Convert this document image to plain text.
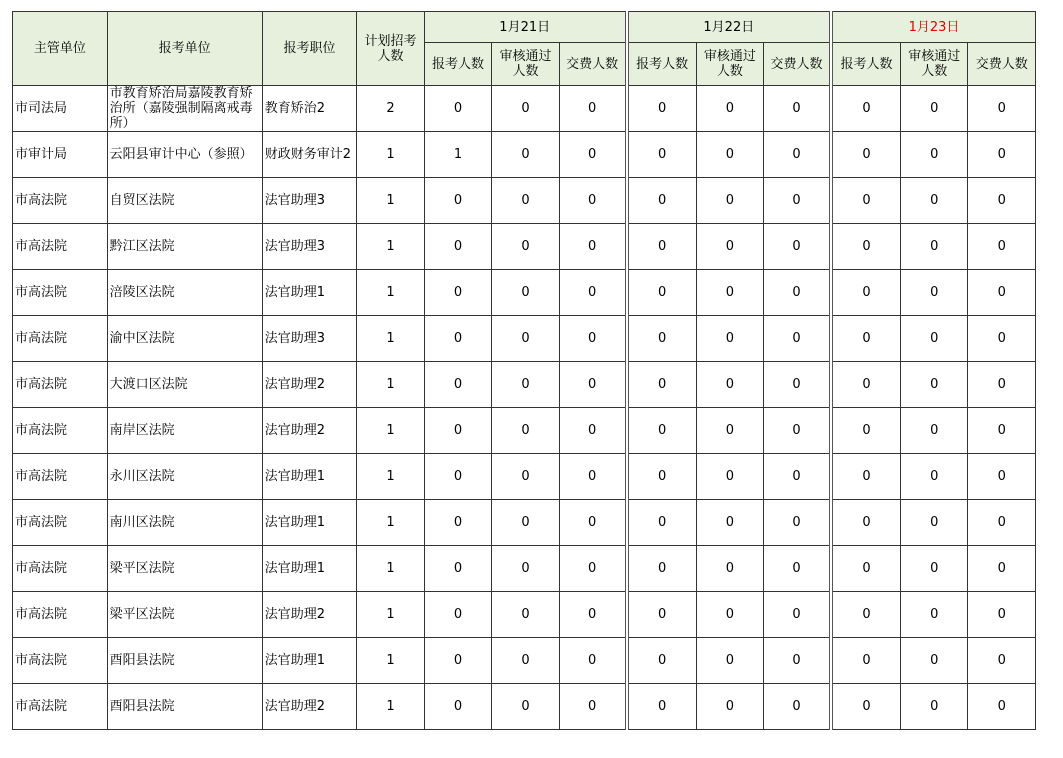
主管单位	报考单位	报考职位	计划招考人数	1月21日			1月22日			1月23日		
				报考人数	审核通过人数	交费人数	报考人数	审核通过人数	交费人数	报考人数	审核通过人数	交费人数
市司法局	市教育矫治局嘉陵教育矫治所（嘉陵强制隔离戒毒所）	教育矫治2	2	0	0	0	0	0	0	0	0	0
市审计局	云阳县审计中心（参照）	财政财务审计2	1	1	0	0	0	0	0	0	0	0
市高法院	自贸区法院	法官助理3	1	0	0	0	0	0	0	0	0	0
市高法院	黔江区法院	法官助理3	1	0	0	0	0	0	0	0	0	0
市高法院	涪陵区法院	法官助理1	1	0	0	0	0	0	0	0	0	0
市高法院	渝中区法院	法官助理3	1	0	0	0	0	0	0	0	0	0
市高法院	大渡口区法院	法官助理2	1	0	0	0	0	0	0	0	0	0
市高法院	南岸区法院	法官助理2	1	0	0	0	0	0	0	0	0	0
市高法院	永川区法院	法官助理1	1	0	0	0	0	0	0	0	0	0
市高法院	南川区法院	法官助理1	1	0	0	0	0	0	0	0	0	0
市高法院	梁平区法院	法官助理1	1	0	0	0	0	0	0	0	0	0
市高法院	梁平区法院	法官助理2	1	0	0	0	0	0	0	0	0	0
市高法院	酉阳县法院	法官助理1	1	0	0	0	0	0	0	0	0	0
市高法院	酉阳县法院	法官助理2	1	0	0	0	0	0	0	0	0	0
